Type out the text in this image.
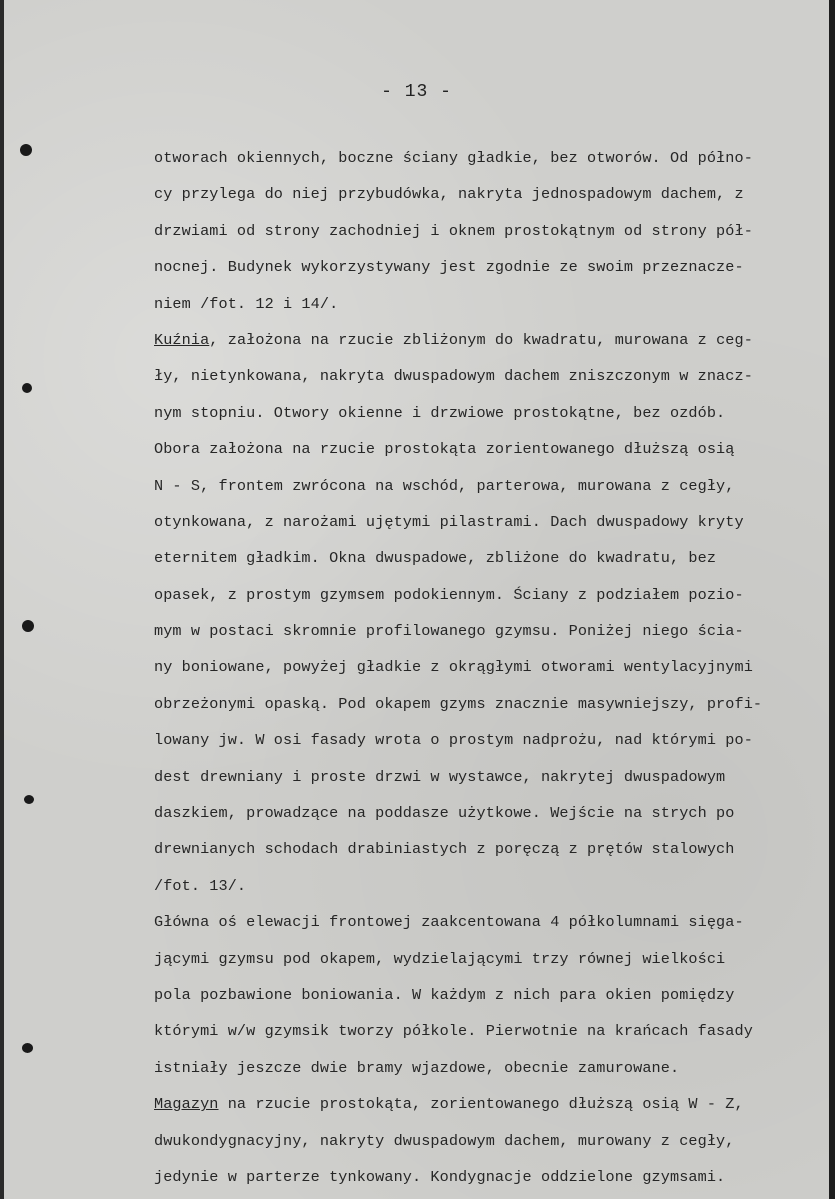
- 13 -
otworach okiennych, boczne ściany gładkie, bez otworów. Od półno-
cy przylega do niej przybudówka, nakryta jednospadowym dachem, z
drzwiami od strony zachodniej i oknem prostokątnym od strony pół-
nocnej. Budynek wykorzystywany jest zgodnie ze swoim przeznacze-
niem /fot. 12 i 14/.
Kuźnia, założona na rzucie zbliżonym do kwadratu, murowana z ceg-
ły, nietynkowana, nakryta dwuspadowym dachem zniszczonym w znacz-
nym stopniu. Otwory okienne i drzwiowe prostokątne, bez ozdób.
Obora założona na rzucie prostokąta zorientowanego dłuższą osią
N - S, frontem zwrócona na wschód, parterowa, murowana z cegły,
otynkowana, z narożami ujętymi pilastrami. Dach dwuspadowy kryty
eternitem gładkim. Okna dwuspadowe, zbliżone do kwadratu, bez
opasek, z prostym gzymsem podokiennym. Ściany z podziałem pozio-
mym w postaci skromnie profilowanego gzymsu. Poniżej niego ścia-
ny boniowane, powyżej gładkie z okrągłymi otworami wentylacyjnymi
obrzeżonymi opaską. Pod okapem gzyms znacznie masywniejszy, profi-
lowany jw. W osi fasady wrota o prostym nadprożu, nad którymi po-
dest drewniany i proste drzwi w wystawce, nakrytej dwuspadowym
daszkiem, prowadzące na poddasze użytkowe. Wejście na strych po
drewnianych schodach drabiniastych z poręczą z prętów stalowych
/fot. 13/.
Główna oś elewacji frontowej zaakcentowana 4 półkolumnami sięga-
jącymi gzymsu pod okapem, wydzielającymi trzy równej wielkości
pola pozbawione boniowania. W każdym z nich para okien pomiędzy
którymi w/w gzymsik tworzy półkole. Pierwotnie na krańcach fasady
istniały jeszcze dwie bramy wjazdowe, obecnie zamurowane.
Magazyn na rzucie prostokąta, zorientowanego dłuższą osią W - Z,
dwukondygnacyjny, nakryty dwuspadowym dachem, murowany z cegły,
jedynie w parterze tynkowany. Kondygnacje oddzielone gzymsami.
